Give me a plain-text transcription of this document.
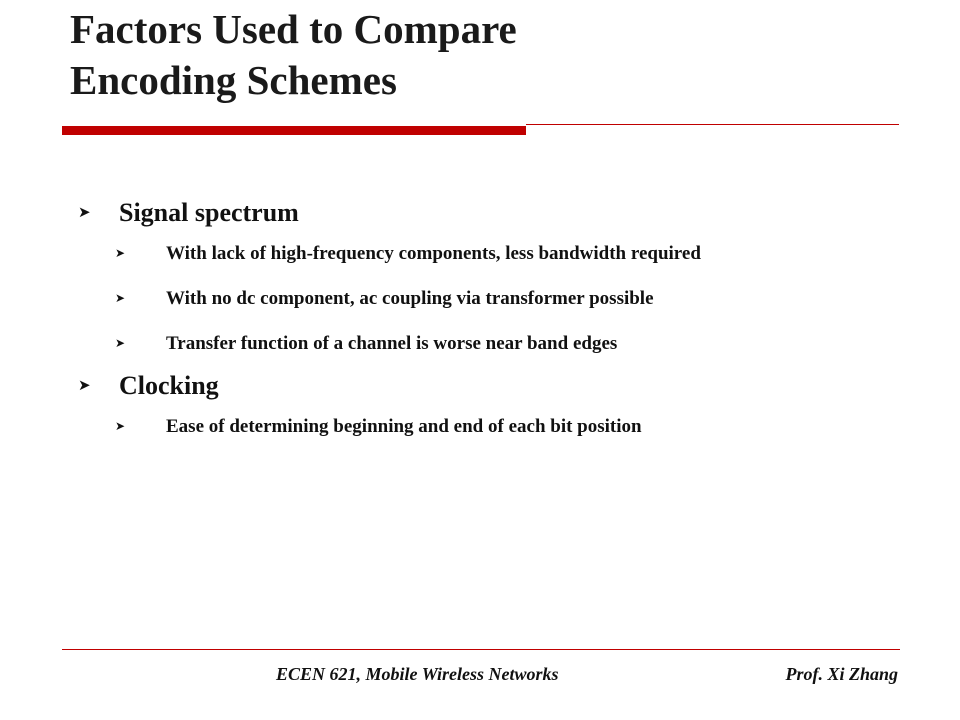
Factors Used to Compare
Encoding Schemes
➤	Signal spectrum
➤	With lack of high-frequency components, less bandwidth required
➤	With no dc component, ac coupling via transformer possible
➤	Transfer function of a channel is worse near band edges
➤	Clocking
➤	Ease of determining beginning and end of each bit position
ECEN 621, Mobile Wireless Networks	Prof. Xi Zhang
